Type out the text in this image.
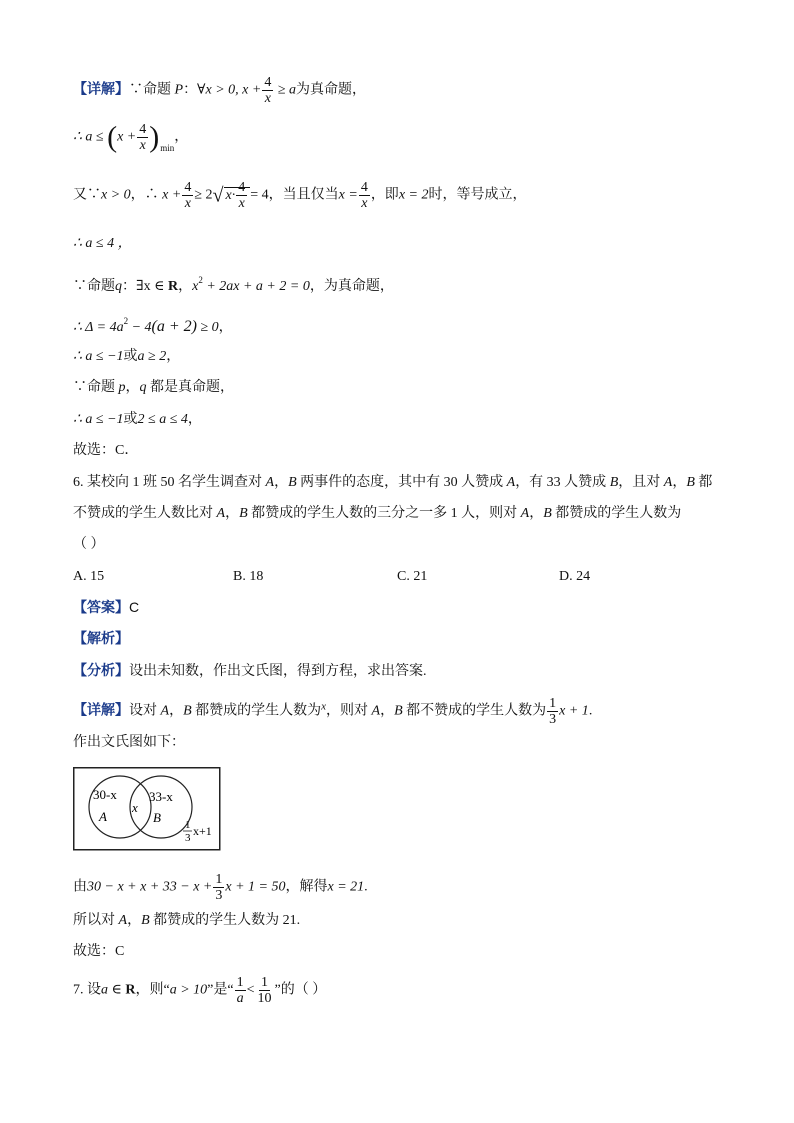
【详解】∵命题 P：∀x > 0, $x + \frac{4}{x} \ge a$为真命题，
∴ $a \le (x + \frac{4}{x} )_{min}$，
又∵x > 0，∴ $x + \frac{4}{x} \ge 2√$ $x\cdot \frac{4}{x} = 4$，当且仅当$x = \frac{4}{x}$ ，即x = 2时，等号成立，
∴ a ≤ 4 ，
∵命题q：∃x ∈ R，$x^2 + 2ax + a + 2 = 0$，为真命题，
∴ $\Delta = 4a^2 - 4(a + 2) \ge 0$，
∴ a ≤ −1或a ≥ 2，
∵命题 p，q 都是真命题，
∴ a ≤ −1或2 ≤ a ≤ 4，
故选：C．
6. 某校向 1 班 50 名学生调查对 A，B 两事件的态度，其中有 30 人赞成 A，有 33 人赞成 B，且对 A，B 都
不赞成的学生人数比对 A，B 都赞成的学生人数的三分之一多 1 人，则对 A，B 都赞成的学生人数为
（ ）
A. 15	B. 18	C. 21	D. 24
【答案】C
【解析】
【分析】设出未知数，作出文氏图，得到方程，求出答案.
【详解】设对 A，B 都赞成的学生人数为$^x$，则对 A，B 都不赞成的学生人数为 $\frac{1}{3}$ x + 1.
作出文氏图如下：
30-x
A
x
33-x
B 1
3 x+1
由$30 - x + x + 33 - x + \frac{1}{3}$ x + 1 = 50，解得x = 21.
所以对 A，B 都赞成的学生人数为 21.
故选：C
7. 设a ∈ R，则“a > 10”是“ $\frac{1}{a} < \frac{1}{10}$ ”的（ ）
